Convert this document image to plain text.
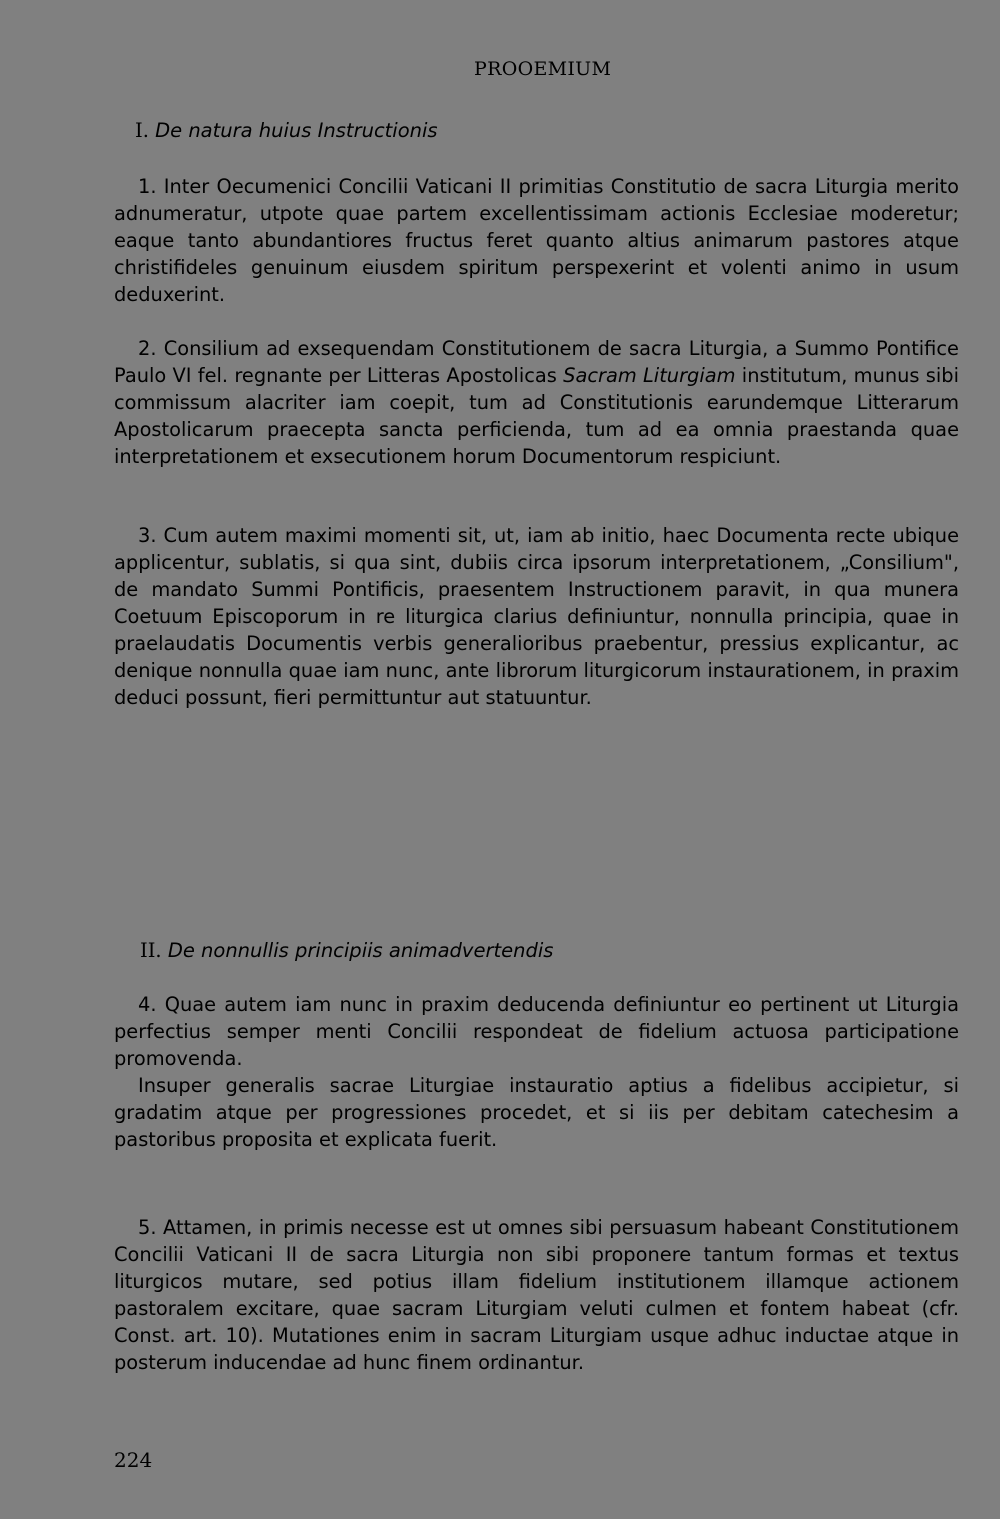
PROOEMIUM
I. De natura huius Instructionis

1. Inter Oecumenici Concilii Vaticani II primitias Constitutio de sacra Liturgia merito adnumeratur, utpote quae partem excellentissimam actionis Ecclesiae moderetur; eaque tanto abundantiores fructus feret quanto altius animarum pastores atque christifideles genuinum eiusdem spiritum perspexerint et volenti animo in usum deduxerint.

2. Consilium ad exsequendam Constitutionem de sacra Liturgia, a Summo Pontifice Paulo VI fel. regnante per Litteras Apostolicas Sacram Liturgiam institutum, munus sibi commissum alacriter iam coepit, tum ad Constitutionis earundemque Litterarum Apostolicarum praecepta sancta perficienda, tum ad ea omnia praestanda quae interpretationem et exsecutionem horum Documentorum respiciunt.

3. Cum autem maximi momenti sit, ut, iam ab initio, haec Documenta recte ubique applicentur, sublatis, si qua sint, dubiis circa ipsorum interpretationem, „Consilium", de mandato Summi Pontificis, praesentem Instructionem paravit, in qua munera Coetuum Episcoporum in re liturgica clarius definiuntur, nonnulla principia, quae in praelaudatis Documentis verbis generalioribus praebentur, pressius explicantur, ac denique nonnulla quae iam nunc, ante librorum liturgicorum instaurationem, in praxim deduci possunt, fieri permittuntur aut statuuntur.

II. De nonnullis principiis animadvertendis

4. Quae autem iam nunc in praxim deducenda definiuntur eo pertinent ut Liturgia perfectius semper menti Concilii respondeat de fidelium actuosa participatione promovenda.

Insuper generalis sacrae Liturgiae instauratio aptius a fidelibus accipietur, si gradatim atque per progressiones procedet, et si iis per debitam catechesim a pastoribus proposita et explicata fuerit.

5. Attamen, in primis necesse est ut omnes sibi persuasum habeant Constitutionem Concilii Vaticani II de sacra Liturgia non sibi proponere tantum formas et textus liturgicos mutare, sed potius illam fidelium institutionem illamque actionem pastoralem excitare, quae sacram Liturgiam veluti culmen et fontem habeat (cfr. Const. art. 10). Mutationes enim in sacram Liturgiam usque adhuc inductae atque in posterum inducendae ad hunc finem ordinantur.

224
